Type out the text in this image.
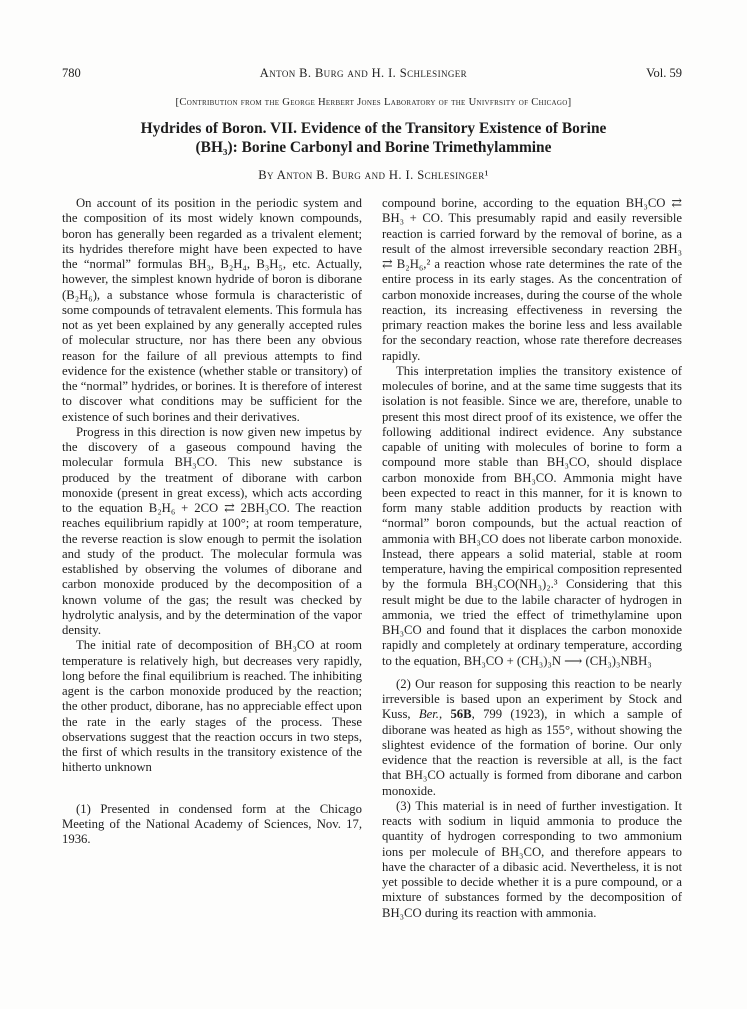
780	Anton B. Burg and H. I. Schlesinger	Vol. 59
[Contribution from the George Herbert Jones Laboratory of the Univfrsity of Chicago]
Hydrides of Boron. VII. Evidence of the Transitory Existence of Borine
(BH₃): Borine Carbonyl and Borine Trimethylammine
By Anton B. Burg and H. I. Schlesinger¹

On account of its position in the periodic system and the composition of its most widely known compounds, boron has generally been regarded as a trivalent element; its hydrides therefore might have been expected to have the “normal” formulas BH₃, B₂H₄, B₃H₅, etc. Actually, however, the simplest known hydride of boron is diborane (B₂H₆), a substance whose formula is characteristic of some compounds of tetravalent elements. This formula has not as yet been explained by any generally accepted rules of molecular structure, nor has there been any obvious reason for the failure of all previous attempts to find evidence for the existence (whether stable or transitory) of the “normal” hydrides, or borines. It is therefore of interest to discover what conditions may be sufficient for the existence of such borines and their derivatives.

Progress in this direction is now given new impetus by the discovery of a gaseous compound having the molecular formula BH₃CO. This new substance is produced by the treatment of diborane with carbon monoxide (present in great excess), which acts according to the equation B₂H₆ + 2CO ⇄ 2BH₃CO. The reaction reaches equilibrium rapidly at 100°; at room temperature, the reverse reaction is slow enough to permit the isolation and study of the product. The molecular formula was established by observing the volumes of diborane and carbon monoxide produced by the decomposition of a known volume of the gas; the result was checked by hydrolytic analysis, and by the determination of the vapor density.

The initial rate of decomposition of BH₃CO at room temperature is relatively high, but decreases very rapidly, long before the final equilibrium is reached. The inhibiting agent is the carbon monoxide produced by the reaction; the other product, diborane, has no appreciable effect upon the rate in the early stages of the process. These observations suggest that the reaction occurs in two steps, the first of which results in the transitory existence of the hitherto unknown

(1) Presented in condensed form at the Chicago Meeting of the National Academy of Sciences, Nov. 17, 1936.

compound borine, according to the equation BH₃CO ⇄ BH₃ + CO. This presumably rapid and easily reversible reaction is carried forward by the removal of borine, as a result of the almost irreversible secondary reaction 2BH₃ ⇄ B₂H₆,² a reaction whose rate determines the rate of the entire process in its early stages. As the concentration of carbon monoxide increases, during the course of the whole reaction, its increasing effectiveness in reversing the primary reaction makes the borine less and less available for the secondary reaction, whose rate therefore decreases rapidly.

This interpretation implies the transitory existence of molecules of borine, and at the same time suggests that its isolation is not feasible. Since we are, therefore, unable to present this most direct proof of its existence, we offer the following additional indirect evidence. Any substance capable of uniting with molecules of borine to form a compound more stable than BH₃CO, should displace carbon monoxide from BH₃CO. Ammonia might have been expected to react in this manner, for it is known to form many stable addition products by reaction with “normal” boron compounds, but the actual reaction of ammonia with BH₃CO does not liberate carbon monoxide. Instead, there appears a solid material, stable at room temperature, having the empirical composition represented by the formula BH₃CO(NH₃)₂.³ Considering that this result might be due to the labile character of hydrogen in ammonia, we tried the effect of trimethylamine upon BH₃CO and found that it displaces the carbon monoxide rapidly and completely at ordinary temperature, according to the equation, BH₃CO + (CH₃)₃N ⟶ (CH₃)₃NBH₃

(2) Our reason for supposing this reaction to be nearly irreversible is based upon an experiment by Stock and Kuss, Ber., 56B, 799 (1923), in which a sample of diborane was heated as high as 155°, without showing the slightest evidence of the formation of borine. Our only evidence that the reaction is reversible at all, is the fact that BH₃CO actually is formed from diborane and carbon monoxide.

(3) This material is in need of further investigation. It reacts with sodium in liquid ammonia to produce the quantity of hydrogen corresponding to two ammonium ions per molecule of BH₃CO, and therefore appears to have the character of a dibasic acid. Nevertheless, it is not yet possible to decide whether it is a pure compound, or a mixture of substances formed by the decomposition of BH₃CO during its reaction with ammonia.
